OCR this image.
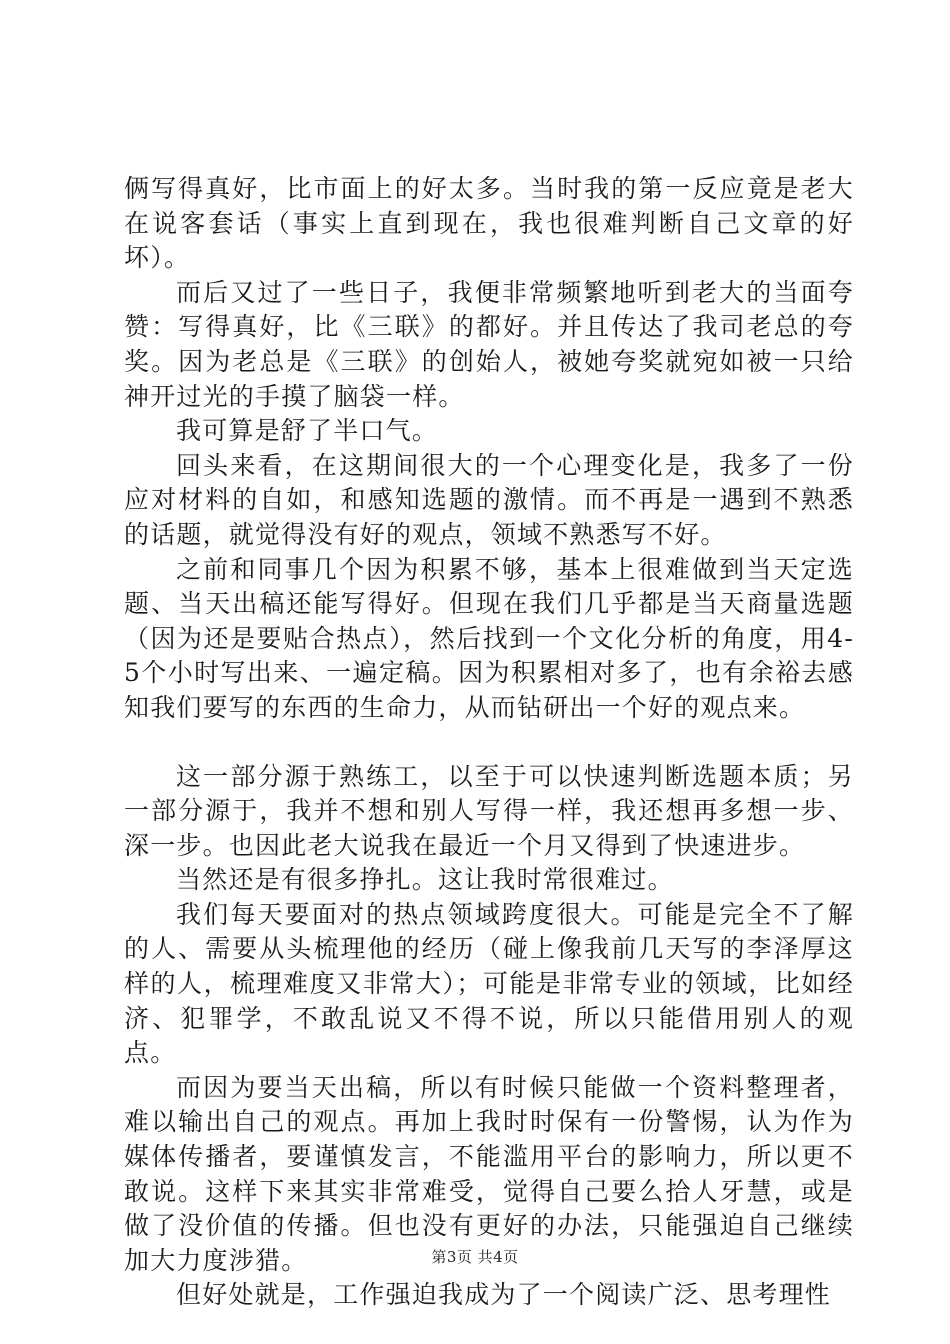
俩写得真好，比市面上的好太多。当时我的第一反应竟是老大在说客套话（事实上直到现在，我也很难判断自己文章的好坏）。

而后又过了一些日子，我便非常频繁地听到老大的当面夸赞：写得真好，比《三联》的都好。并且传达了我司老总的夸奖。因为老总是《三联》的创始人，被她夸奖就宛如被一只给神开过光的手摸了脑袋一样。

我可算是舒了半口气。

回头来看，在这期间很大的一个心理变化是，我多了一份应对材料的自如，和感知选题的激情。而不再是一遇到不熟悉的话题，就觉得没有好的观点，领域不熟悉写不好。

之前和同事几个因为积累不够，基本上很难做到当天定选题、当天出稿还能写得好。但现在我们几乎都是当天商量选题（因为还是要贴合热点），然后找到一个文化分析的角度，用4-5个小时写出来、一遍定稿。因为积累相对多了，也有余裕去感知我们要写的东西的生命力，从而钻研出一个好的观点来。

这一部分源于熟练工，以至于可以快速判断选题本质；另一部分源于，我并不想和别人写得一样，我还想再多想一步、深一步。也因此老大说我在最近一个月又得到了快速进步。

当然还是有很多挣扎。这让我时常很难过。

我们每天要面对的热点领域跨度很大。可能是完全不了解的人、需要从头梳理他的经历（碰上像我前几天写的李泽厚这样的人，梳理难度又非常大）；可能是非常专业的领域，比如经济、犯罪学，不敢乱说又不得不说，所以只能借用别人的观点。

而因为要当天出稿，所以有时候只能做一个资料整理者，难以输出自己的观点。再加上我时时保有一份警惕，认为作为媒体传播者，要谨慎发言，不能滥用平台的影响力，所以更不敢说。这样下来其实非常难受，觉得自己要么拾人牙慧，或是做了没价值的传播。但也没有更好的办法，只能强迫自己继续加大力度涉猎。

但好处就是，工作强迫我成为了一个阅读广泛、思考理性

第3页 共4页
